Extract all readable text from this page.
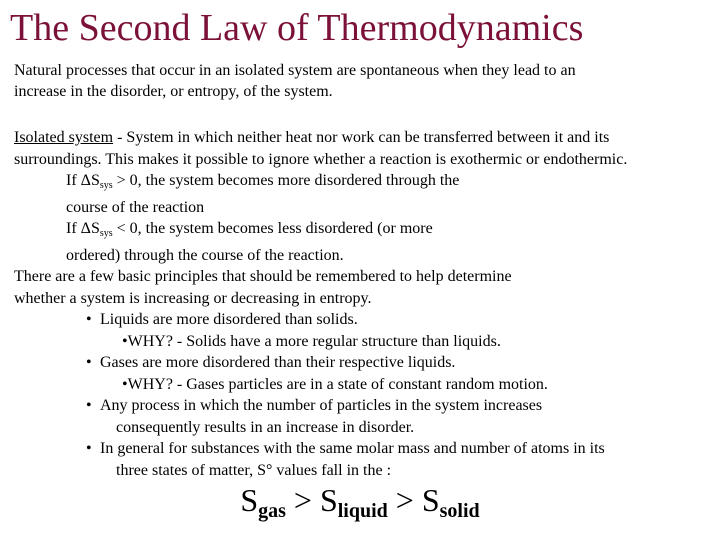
The Second Law of Thermodynamics

Natural processes that occur in an isolated system are spontaneous when they lead to an

increase in the disorder, or entropy, of the system.

Isolated system - System in which neither heat nor work can be transferred between it and its
surroundings. This makes it possible to ignore whether a reaction is exothermic or endothermic.
If ΔSsys > 0, the system becomes more disordered through the
course of the reaction
If ΔSsys < 0, the system becomes less disordered (or more
ordered) through the course of the reaction.
There are a few basic principles that should be remembered to help determine
whether a system is increasing or decreasing in entropy.
• Liquids are more disordered than solids.
•WHY? - Solids have a more regular structure than liquids.
• Gases are more disordered than their respective liquids.
•WHY? - Gases particles are in a state of constant random motion.
• Any process in which the number of particles in the system increases
consequently results in an increase in disorder.
• In general for substances with the same molar mass and number of atoms in its
three states of matter, S° values fall in the :
Sgas > Sliquid > Ssolid
